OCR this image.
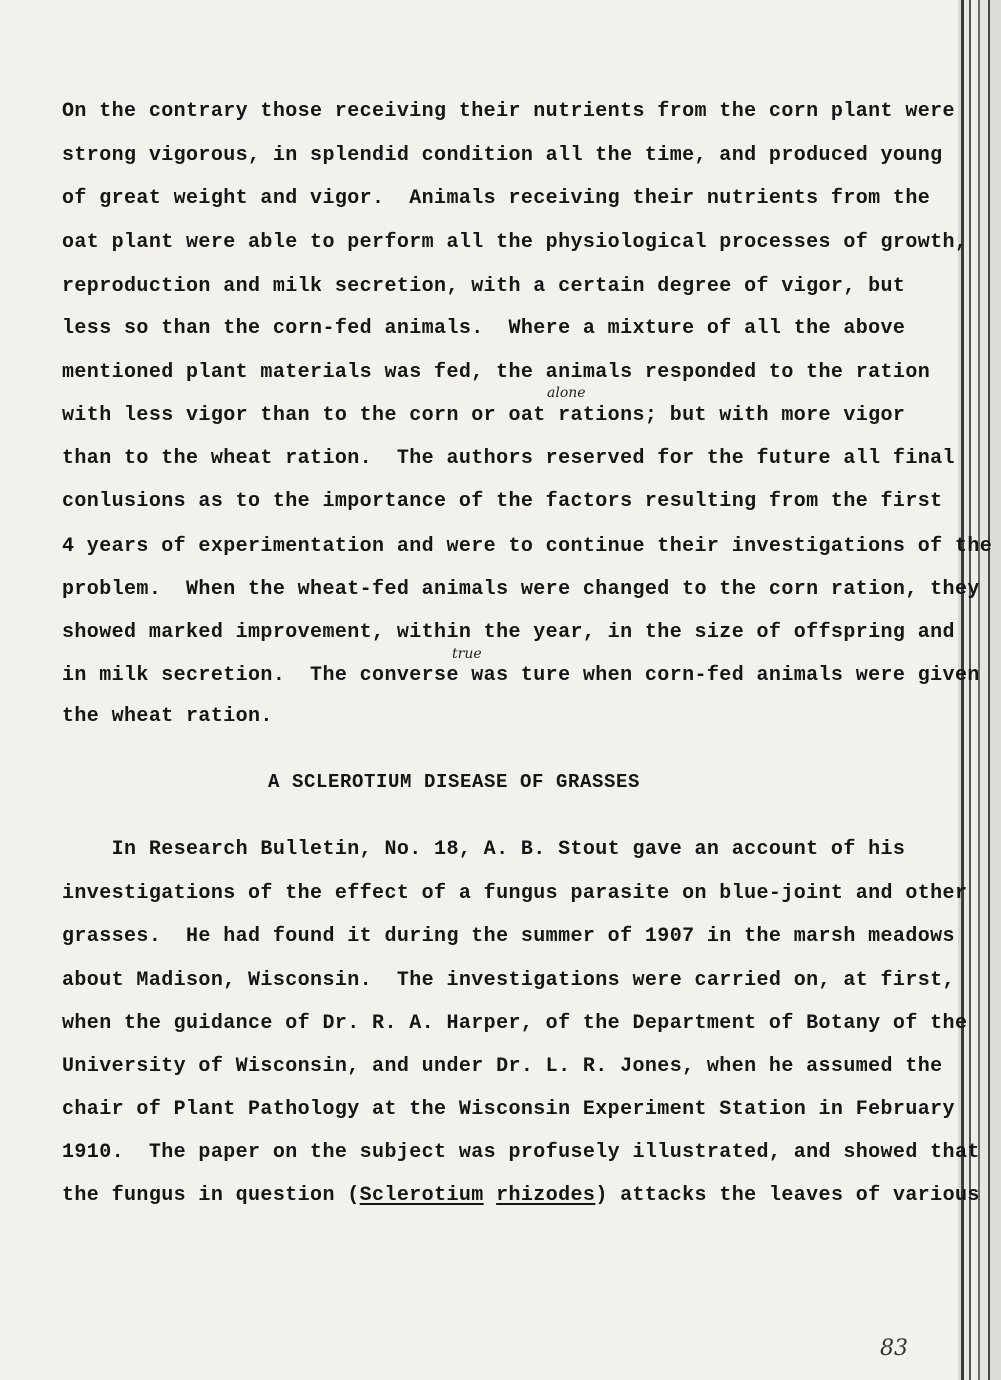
On the contrary those receiving their nutrients from the corn plant were
strong vigorous, in splendid condition all the time, and produced young
of great weight and vigor.  Animals receiving their nutrients from the
oat plant were able to perform all the physiological processes of growth,
reproduction and milk secretion, with a certain degree of vigor, but
less so than the corn-fed animals.  Where a mixture of all the above
mentioned plant materials was fed, the animals responded to the ration
with less vigor than to the corn or oat rations; but with more vigor
than to the wheat ration.  The authors reserved for the future all final
conlusions as to the importance of the factors resulting from the first
4 years of experimentation and were to continue their investigations of the
problem.  When the wheat-fed animals were changed to the corn ration, they
showed marked improvement, within the year, in the size of offspring and
in milk secretion.  The converse was ture when corn-fed animals were given
the wheat ration.
alone
true
A SCLEROTIUM DISEASE OF GRASSES
In Research Bulletin, No. 18, A. B. Stout gave an account of his
investigations of the effect of a fungus parasite on blue-joint and other
grasses.  He had found it during the summer of 1907 in the marsh meadows
about Madison, Wisconsin.  The investigations were carried on, at first,
when the guidance of Dr. R. A. Harper, of the Department of Botany of the
University of Wisconsin, and under Dr. L. R. Jones, when he assumed the
chair of Plant Pathology at the Wisconsin Experiment Station in February
1910.  The paper on the subject was profusely illustrated, and showed that
the fungus in question (Sclerotium rhizodes) attacks the leaves of various
83
